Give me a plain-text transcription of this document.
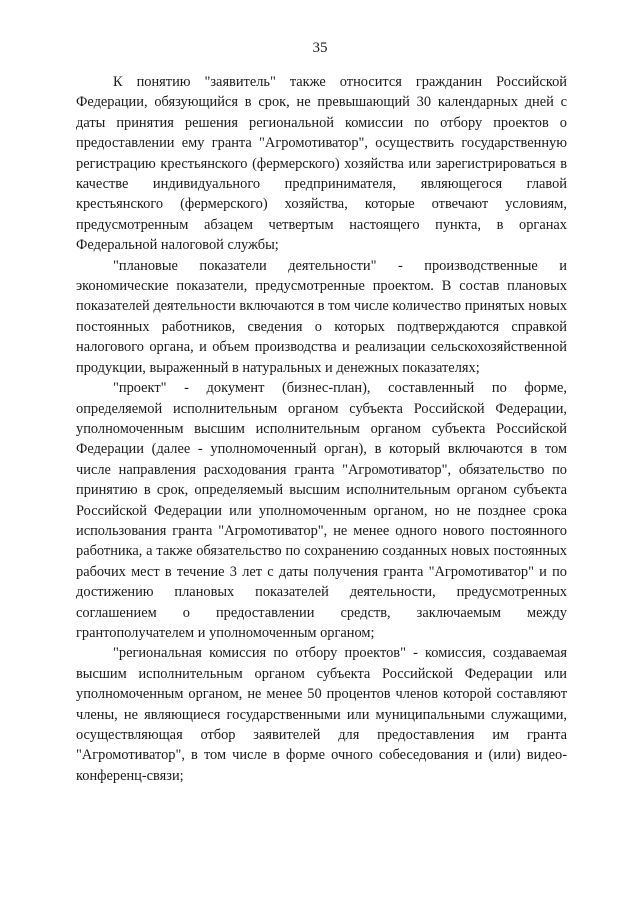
35

К понятию "заявитель" также относится гражданин Российской Федерации, обязующийся в срок, не превышающий 30 календарных дней с даты принятия решения региональной комиссии по отбору проектов о предоставлении ему гранта "Агромотиватор", осуществить государственную регистрацию крестьянского (фермерского) хозяйства или зарегистрироваться в качестве индивидуального предпринимателя, являющегося главой крестьянского (фермерского) хозяйства, которые отвечают условиям, предусмотренным абзацем четвертым настоящего пункта, в органах Федеральной налоговой службы;

"плановые показатели деятельности" - производственные и экономические показатели, предусмотренные проектом. В состав плановых показателей деятельности включаются в том числе количество принятых новых постоянных работников, сведения о которых подтверждаются справкой налогового органа, и объем производства и реализации сельскохозяйственной продукции, выраженный в натуральных и денежных показателях;

"проект" - документ (бизнес-план), составленный по форме, определяемой исполнительным органом субъекта Российской Федерации, уполномоченным высшим исполнительным органом субъекта Российской Федерации (далее - уполномоченный орган), в который включаются в том числе направления расходования гранта "Агромотиватор", обязательство по принятию в срок, определяемый высшим исполнительным органом субъекта Российской Федерации или уполномоченным органом, но не позднее срока использования гранта "Агромотиватор", не менее одного нового постоянного работника, а также обязательство по сохранению созданных новых постоянных рабочих мест в течение 3 лет с даты получения гранта "Агромотиватор" и по достижению плановых показателей деятельности, предусмотренных соглашением о предоставлении средств, заключаемым между грантополучателем и уполномоченным органом;

"региональная комиссия по отбору проектов" - комиссия, создаваемая высшим исполнительным органом субъекта Российской Федерации или уполномоченным органом, не менее 50 процентов членов которой составляют члены, не являющиеся государственными или муниципальными служащими, осуществляющая отбор заявителей для предоставления им гранта "Агромотиватор", в том числе в форме очного собеседования и (или) видео-конференц-связи;
